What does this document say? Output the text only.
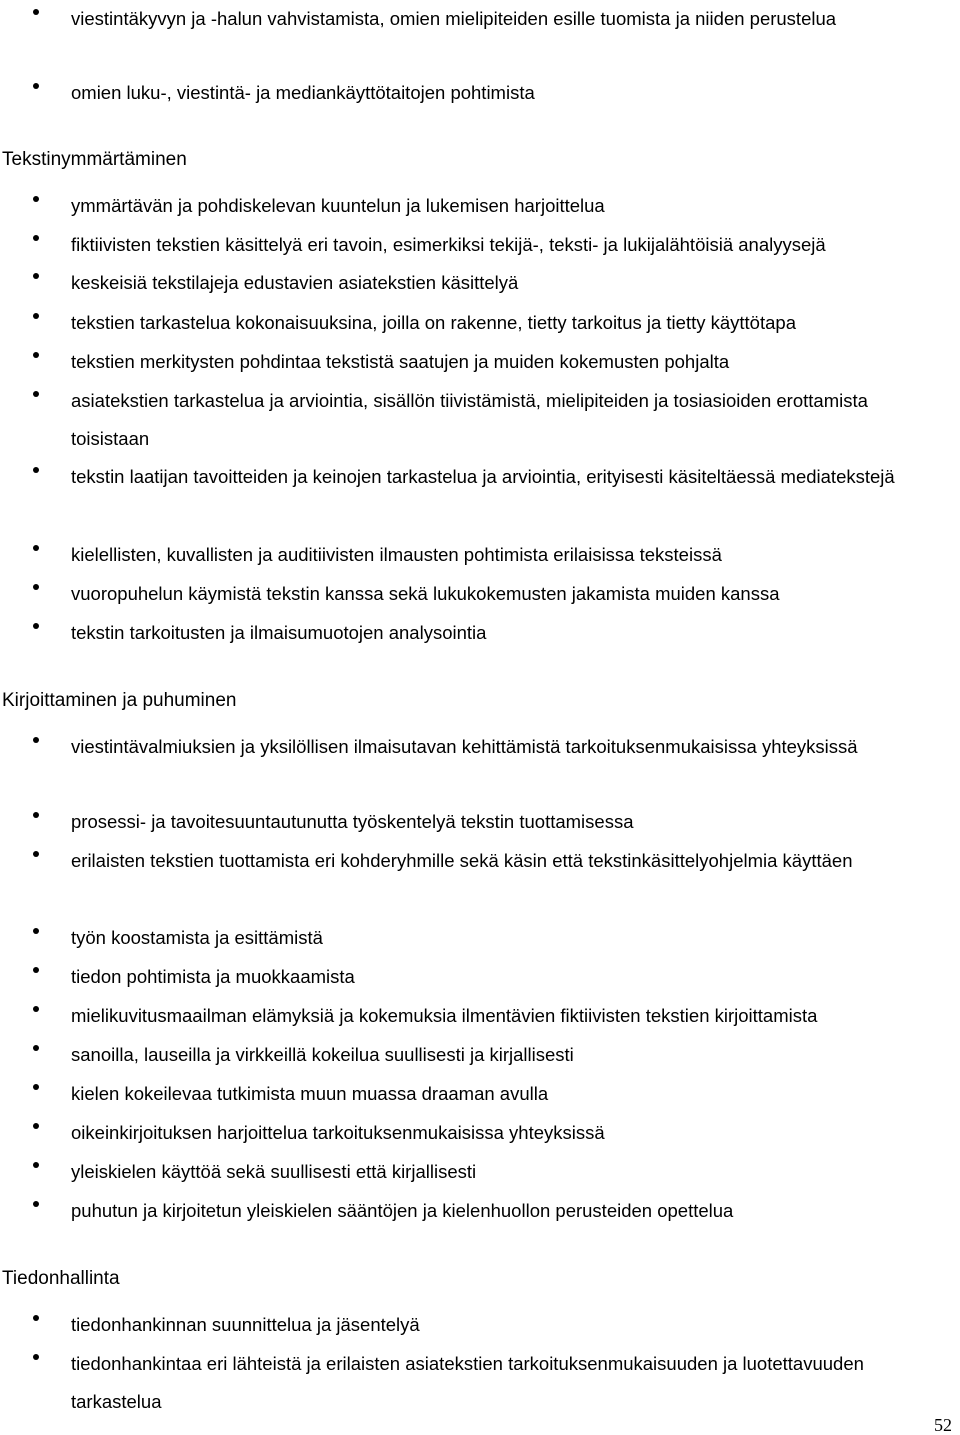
viestintäkyvyn ja -halun vahvistamista, omien mielipiteiden esille tuomista ja niiden perustelua
omien luku-, viestintä- ja mediankäyttötaitojen pohtimista
Tekstinymmärtäminen
ymmärtävän ja pohdiskelevan kuuntelun ja lukemisen harjoittelua
fiktiivisten tekstien käsittelyä eri tavoin, esimerkiksi tekijä-, teksti- ja lukijalähtöisiä analyysejä
keskeisiä tekstilajeja edustavien asiatekstien käsittelyä
tekstien tarkastelua kokonaisuuksina, joilla on rakenne, tietty tarkoitus ja tietty käyttötapa
tekstien merkitysten pohdintaa tekstistä saatujen ja muiden kokemusten pohjalta
asiatekstien tarkastelua ja arviointia, sisällön tiivistämistä, mielipiteiden ja tosiasioiden erottamista toisistaan
tekstin laatijan tavoitteiden ja keinojen tarkastelua ja arviointia, erityisesti käsiteltäessä mediatekstejä
kielellisten, kuvallisten ja auditiivisten ilmausten pohtimista erilaisissa teksteissä
vuoropuhelun käymistä tekstin kanssa sekä lukukokemusten jakamista muiden kanssa
tekstin tarkoitusten ja ilmaisumuotojen analysointia
Kirjoittaminen ja puhuminen
viestintävalmiuksien ja yksilöllisen ilmaisutavan kehittämistä tarkoituksenmukaisissa yhteyksissä
prosessi- ja tavoitesuuntautunutta työskentelyä tekstin tuottamisessa
erilaisten tekstien tuottamista eri kohderyhmille sekä käsin että tekstinkäsittelyohjelmia käyttäen
työn koostamista ja esittämistä
tiedon pohtimista ja muokkaamista
mielikuvitusmaailman elämyksiä ja kokemuksia ilmentävien fiktiivisten tekstien kirjoittamista
sanoilla, lauseilla ja virkkeillä kokeilua suullisesti ja kirjallisesti
kielen kokeilevaa tutkimista muun muassa draaman avulla
oikeinkirjoituksen harjoittelua tarkoituksenmukaisissa yhteyksissä
yleiskielen käyttöä sekä suullisesti että kirjallisesti
puhutun ja kirjoitetun yleiskielen sääntöjen ja kielenhuollon perusteiden opettelua
Tiedonhallinta
tiedonhankinnan suunnittelua ja jäsentelyä
tiedonhankintaa eri lähteistä ja erilaisten asiatekstien tarkoituksenmukaisuuden ja luotettavuuden tarkastelua
52
